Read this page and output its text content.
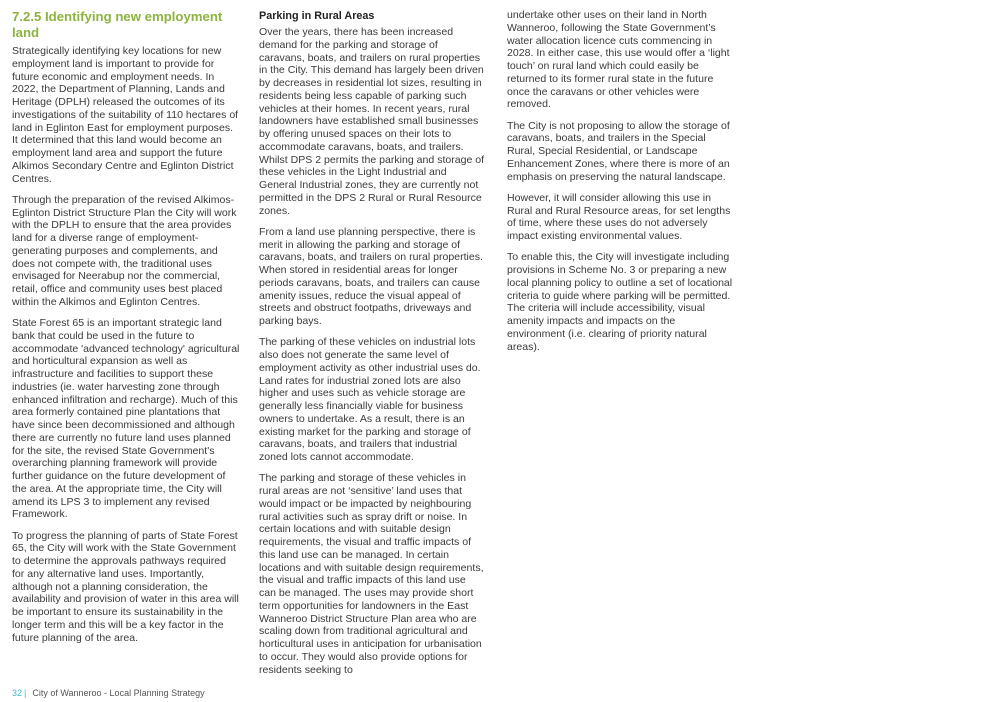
7.2.5 Identifying new employment land

Strategically identifying key locations for new employment land is important to provide for future economic and employment needs. In 2022, the Department of Planning, Lands and Heritage (DPLH) released the outcomes of its investigations of the suitability of 110 hectares of land in Eglinton East for employment purposes. It determined that this land would become an employment land area and support the future Alkimos Secondary Centre and Eglinton District Centres.

Through the preparation of the revised Alkimos-Eglinton District Structure Plan the City will work with the DPLH to ensure that the area provides land for a diverse range of employment-generating purposes and complements, and does not compete with, the traditional uses envisaged for Neerabup nor the commercial, retail, office and community uses best placed within the Alkimos and Eglinton Centres.

State Forest 65 is an important strategic land bank that could be used in the future to accommodate 'advanced technology' agricultural and horticultural expansion as well as infrastructure and facilities to support these industries (ie. water harvesting zone through enhanced infiltration and recharge). Much of this area formerly contained pine plantations that have since been decommissioned and although there are currently no future land uses planned for the site, the revised State Government's overarching planning framework will provide further guidance on the future development of the area. At the appropriate time, the City will amend its LPS 3 to implement any revised Framework.

To progress the planning of parts of State Forest 65, the City will work with the State Government to determine the approvals pathways required for any alternative land uses. Importantly, although not a planning consideration, the availability and provision of water in this area will be important to ensure its sustainability in the longer term and this will be a key factor in the future planning of the area.

Parking in Rural Areas

Over the years, there has been increased demand for the parking and storage of caravans, boats, and trailers on rural properties in the City. This demand has largely been driven by decreases in residential lot sizes, resulting in residents being less capable of parking such vehicles at their homes. In recent years, rural landowners have established small businesses by offering unused spaces on their lots to accommodate caravans, boats, and trailers. Whilst DPS 2 permits the parking and storage of these vehicles in the Light Industrial and General Industrial zones, they are currently not permitted in the DPS 2 Rural or Rural Resource zones.

From a land use planning perspective, there is merit in allowing the parking and storage of caravans, boats, and trailers on rural properties. When stored in residential areas for longer periods caravans, boats, and trailers can cause amenity issues, reduce the visual appeal of streets and obstruct footpaths, driveways and parking bays.

The parking of these vehicles on industrial lots also does not generate the same level of employment activity as other industrial uses do. Land rates for industrial zoned lots are also higher and uses such as vehicle storage are generally less financially viable for business owners to undertake. As a result, there is an existing market for the parking and storage of caravans, boats, and trailers that industrial zoned lots cannot accommodate.

The parking and storage of these vehicles in rural areas are not ‘sensitive’ land uses that would impact or be impacted by neighbouring rural activities such as spray drift or noise. In certain locations and with suitable design requirements, the visual and traffic impacts of this land use can be managed. In certain locations and with suitable design requirements, the visual and traffic impacts of this land use can be managed. The uses may provide short term opportunities for landowners in the East Wanneroo District Structure Plan area who are scaling down from traditional agricultural and horticultural uses in anticipation for urbanisation to occur. They would also provide options for residents seeking to

undertake other uses on their land in North Wanneroo, following the State Government’s water allocation licence cuts commencing in 2028. In either case, this use would offer a ‘light touch’ on rural land which could easily be returned to its former rural state in the future once the caravans or other vehicles were removed.

The City is not proposing to allow the storage of caravans, boats, and trailers in the Special Rural, Special Residential, or Landscape Enhancement Zones, where there is more of an emphasis on preserving the natural landscape.

However, it will consider allowing this use in Rural and Rural Resource areas, for set lengths of time, where these uses do not adversely impact existing environmental values.

To enable this, the City will investigate including provisions in Scheme No. 3 or preparing a new local planning policy to outline a set of locational criteria to guide where parking will be permitted. The criteria will include accessibility, visual amenity impacts and impacts on the environment (i.e. clearing of priority natural areas).

32 | City of Wanneroo - Local Planning Strategy
